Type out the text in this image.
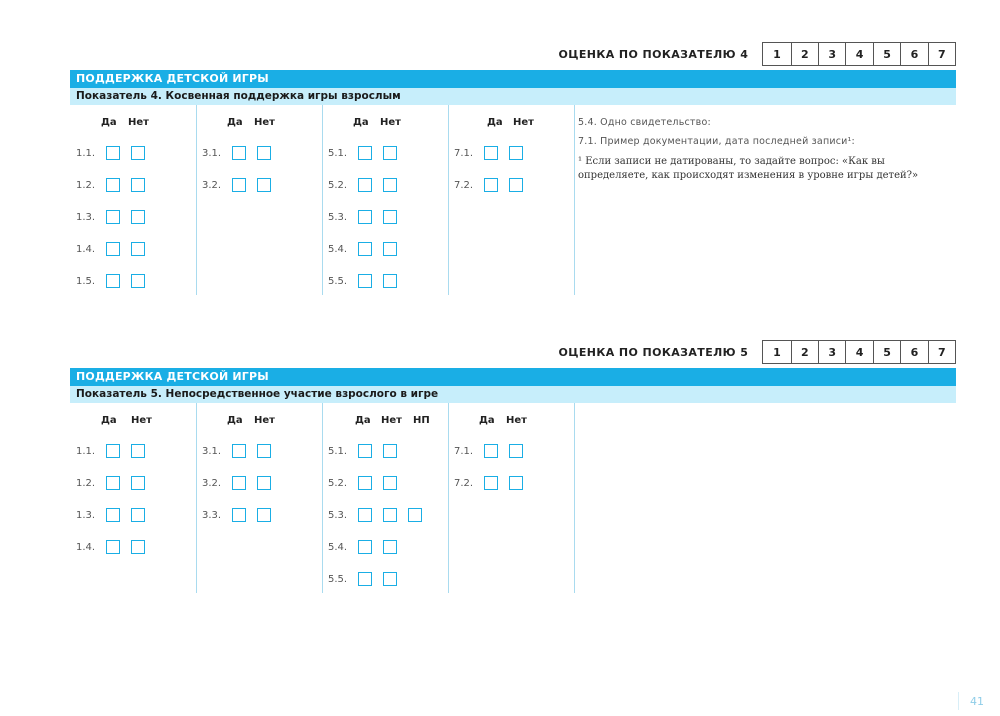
ОЦЕНКА ПО ПОКАЗАТЕЛЮ 4	1	2	3	4	5	6	7
ПОДДЕРЖКА ДЕТСКОЙ ИГРЫ
Показатель 4. Косвенная поддержка игры взрослым
Да Нет
1.1.
1.2.
1.3.
1.4.
1.5.
Да Нет
3.1.
3.2.
Да Нет
5.1.
5.2.
5.3.
5.4.
5.5.
Да Нет
7.1.
7.2.
5.4. Одно свидетельство:
7.1. Пример документации, дата последней записи¹:
¹ Если записи не датированы, то задайте вопрос: «Как вы определяете, как происходят изменения в уровне игры детей?»
ОЦЕНКА ПО ПОКАЗАТЕЛЮ 5	1	2	3	4	5	6	7
ПОДДЕРЖКА ДЕТСКОЙ ИГРЫ
Показатель 5. Непосредственное участие взрослого в игре
Да Нет
1.1.
1.2.
1.3.
1.4.
Да Нет
3.1.
3.2.
3.3.
Да Нет НП
5.1.
5.2.
5.3.
5.4.
5.5.
Да Нет
7.1.
7.2.
41
